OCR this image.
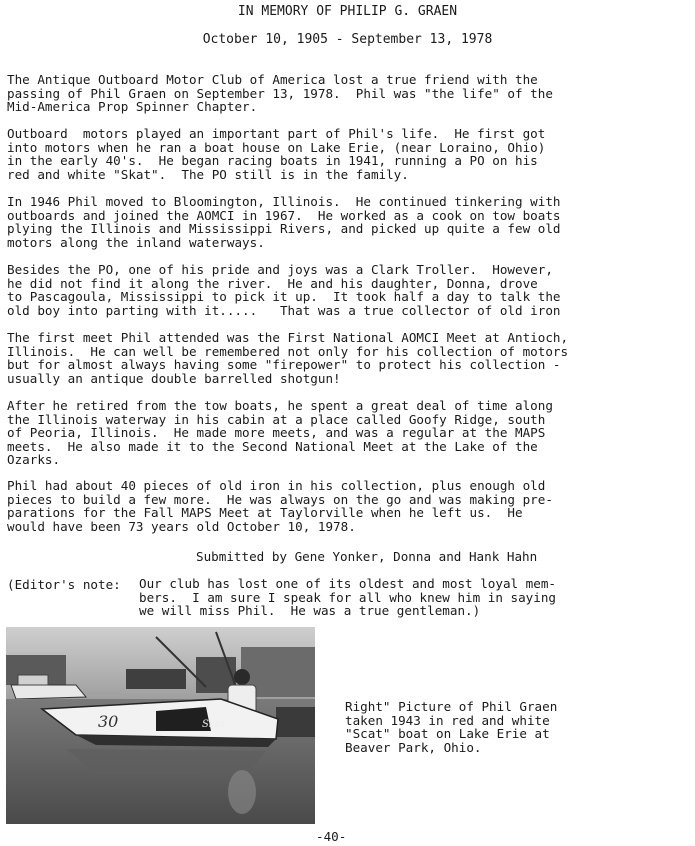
IN MEMORY OF PHILIP G. GRAEN
October 10, 1905 - September 13, 1978
The Antique Outboard Motor Club of America lost a true friend with the
passing of Phil Graen on September 13, 1978.  Phil was "the life" of the
Mid-America Prop Spinner Chapter.
Outboard  motors played an important part of Phil's life.  He first got
into motors when he ran a boat house on Lake Erie, (near Loraino, Ohio)
in the early 40's.  He began racing boats in 1941, running a PO on his
red and white "Skat".  The PO still is in the family.
In 1946 Phil moved to Bloomington, Illinois.  He continued tinkering with
outboards and joined the AOMCI in 1967.  He worked as a cook on tow boats
plying the Illinois and Mississippi Rivers, and picked up quite a few old
motors along the inland waterways.
Besides the PO, one of his pride and joys was a Clark Troller.  However,
he did not find it along the river.  He and his daughter, Donna, drove
to Pascagoula, Mississippi to pick it up.  It took half a day to talk the
old boy into parting with it.....   That was a true collector of old iron
The first meet Phil attended was the First National AOMCI Meet at Antioch,
Illinois.  He can well be remembered not only for his collection of motors
but for almost always having some "firepower" to protect his collection -
usually an antique double barrelled shotgun!
After he retired from the tow boats, he spent a great deal of time along
the Illinois waterway in his cabin at a place called Goofy Ridge, south
of Peoria, Illinois.  He made more meets, and was a regular at the MAPS
meets.  He also made it to the Second National Meet at the Lake of the
Ozarks.
Phil had about 40 pieces of old iron in his collection, plus enough old
pieces to build a few more.  He was always on the go and was making pre-
parations for the Fall MAPS Meet at Taylorville when he left us.  He
would have been 73 years old October 10, 1978.
Submitted by Gene Yonker, Donna and Hank Hahn
(Editor's note: Our club has lost one of its oldest and most loyal mem-
bers.  I am sure I speak for all who knew him in saying
we will miss Phil.  He was a true gentleman.)
30	Skat
Right" Picture of Phil Graen
taken 1943 in red and white
"Scat" boat on Lake Erie at
Beaver Park, Ohio.
-40-
